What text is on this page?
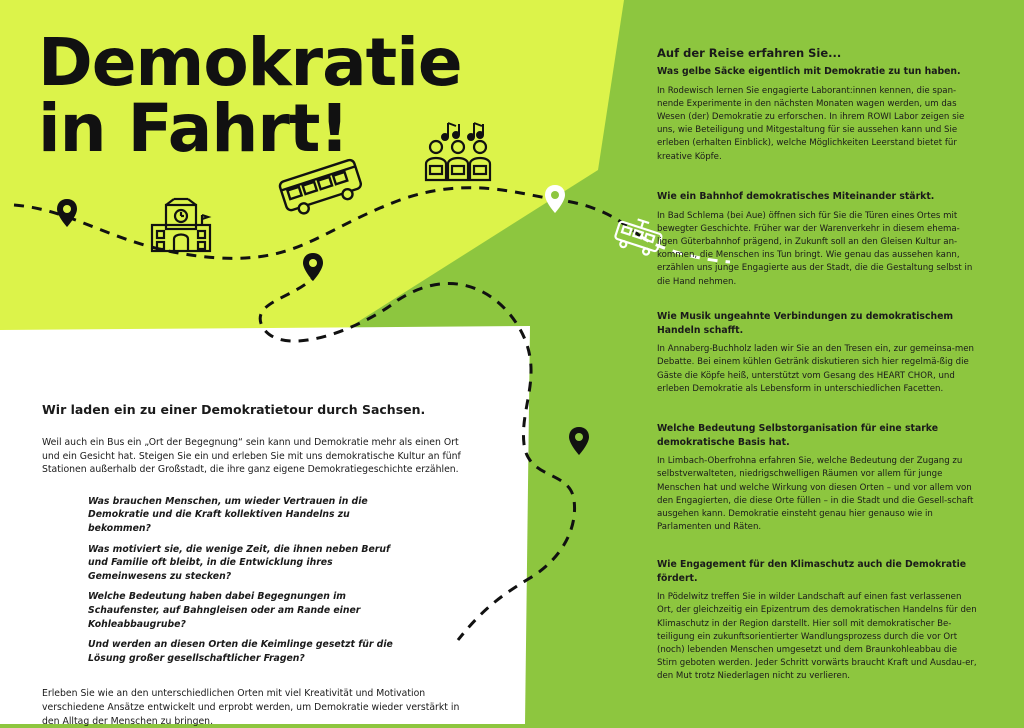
Demokratie
in Fahrt!
Wir laden ein zu einer Demokratietour durch Sachsen.

Weil auch ein Bus ein „Ort der Begegnung“ sein kann und Demokratie mehr als einen Ort und ein Gesicht hat. Steigen Sie ein und erleben Sie mit uns demokratische Kultur an fünf Stationen außerhalb der Großstadt, die ihre ganz eigene Demokratiegeschichte erzählen.

Was brauchen Menschen, um wieder Vertrauen in die Demokratie und die Kraft kollektiven Handelns zu bekommen?

Was motiviert sie, die wenige Zeit, die ihnen neben Beruf und Familie oft bleibt, in die Entwicklung ihres Gemeinwesens zu stecken?

Welche Bedeutung haben dabei Begegnungen im Schaufenster, auf Bahngleisen oder am Rande einer Kohleabbaugrube?

Und werden an diesen Orten die Keimlinge gesetzt für die Lösung großer gesellschaftlicher Fragen?

Erleben Sie wie an den unterschiedlichen Orten mit viel Kreativität und Motivation verschiedene Ansätze entwickelt und erprobt werden, um Demokratie wieder verstärkt in den Alltag der Menschen zu bringen.

Auf der Reise erfahren Sie...

Was gelbe Säcke eigentlich mit Demokratie zu tun haben.

In Rodewisch lernen Sie engagierte Laborant:innen kennen, die span-nende Experimente in den nächsten Monaten wagen werden, um das Wesen (der) Demokratie zu erforschen. In ihrem ROWI Labor zeigen sie uns, wie Beteiligung und Mitgestaltung für sie aussehen kann und Sie erleben (erhalten Einblick), welche Möglichkeiten Leerstand bietet für kreative Köpfe.

Wie ein Bahnhof demokratisches Miteinander stärkt.

In Bad Schlema (bei Aue) öffnen sich für Sie die Türen eines Ortes mit bewegter Geschichte. Früher war der Warenverkehr in diesem ehema-ligen Güterbahnhof prägend, in Zukunft soll an den Gleisen Kultur an-kommen, die Menschen ins Tun bringt. Wie genau das aussehen kann, erzählen uns junge Engagierte aus der Stadt, die die Gestaltung selbst in die Hand nehmen.

Wie Musik ungeahnte Verbindungen zu demokratischem Handeln schafft.

In Annaberg-Buchholz laden wir Sie an den Tresen ein, zur gemeinsa-men Debatte. Bei einem kühlen Getränk diskutieren sich hier regelmä-ßig die Gäste die Köpfe heiß, unterstützt vom Gesang des HEART CHOR, und erleben Demokratie als Lebensform in unterschiedlichen Facetten.

Welche Bedeutung Selbstorganisation für eine starke demokratische Basis hat.

In Limbach-Oberfrohna erfahren Sie, welche Bedeutung der Zugang zu selbstverwalteten, niedrigschwelligen Räumen vor allem für junge Menschen hat und welche Wirkung von diesen Orten – und vor allem von den Engagierten, die diese Orte füllen – in die Stadt und die Gesell-schaft ausgehen kann. Demokratie einsteht genau hier genauso wie in Parlamenten und Räten.

Wie Engagement für den Klimaschutz auch die Demokratie fördert.

In Pödelwitz treffen Sie in wilder Landschaft auf einen fast verlassenen Ort, der gleichzeitig ein Epizentrum des demokratischen Handelns für den Klimaschutz in der Region darstellt. Hier soll mit demokratischer Be-teiligung ein zukunftsorientierter Wandlungsprozess durch die vor Ort (noch) lebenden Menschen umgesetzt und dem Braunkohleabbau die Stirn geboten werden. Jeder Schritt vorwärts braucht Kraft und Ausdau-er, den Mut trotz Niederlagen nicht zu verlieren.
